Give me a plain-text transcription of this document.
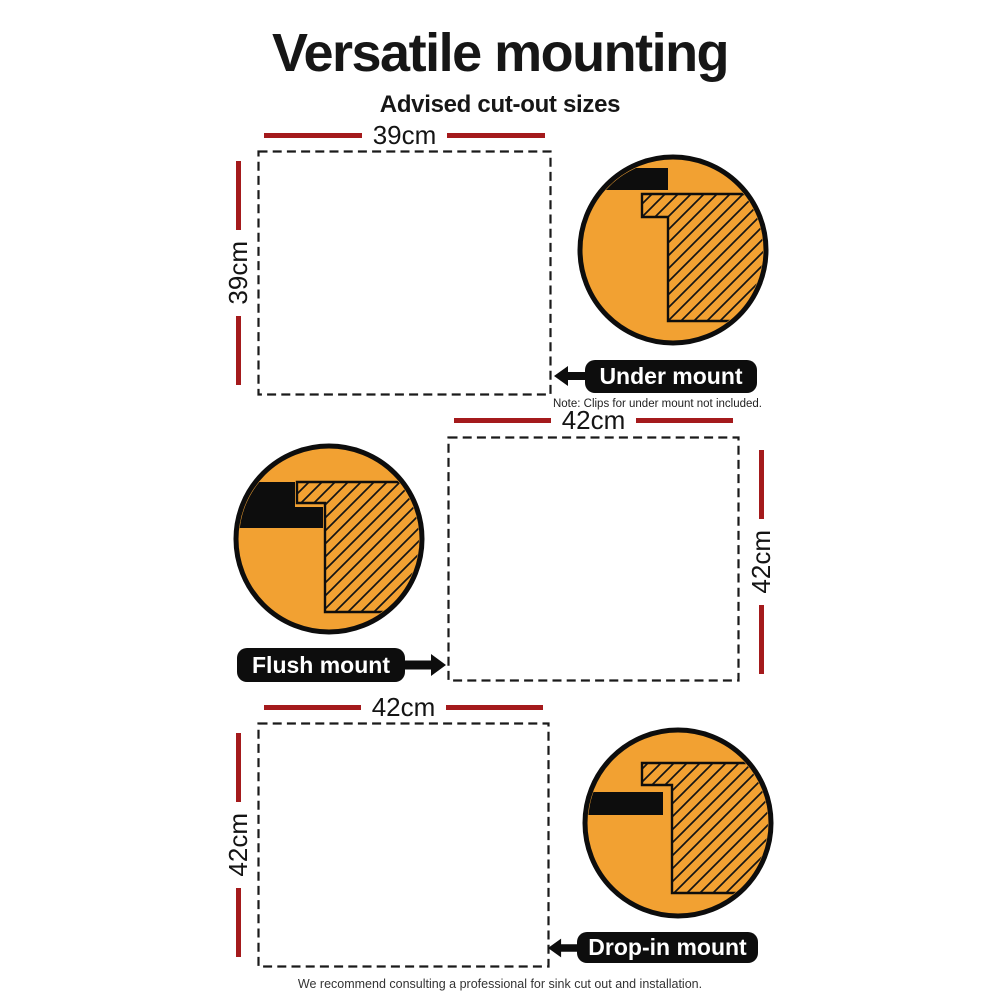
Versatile mounting
Advised cut-out sizes
39cm
39cm
Under mount
Note: Clips for under mount not included.
42cm
42cm
Flush mount
42cm
42cm
Drop-in mount
We recommend consulting a professional for sink cut out and installation.
